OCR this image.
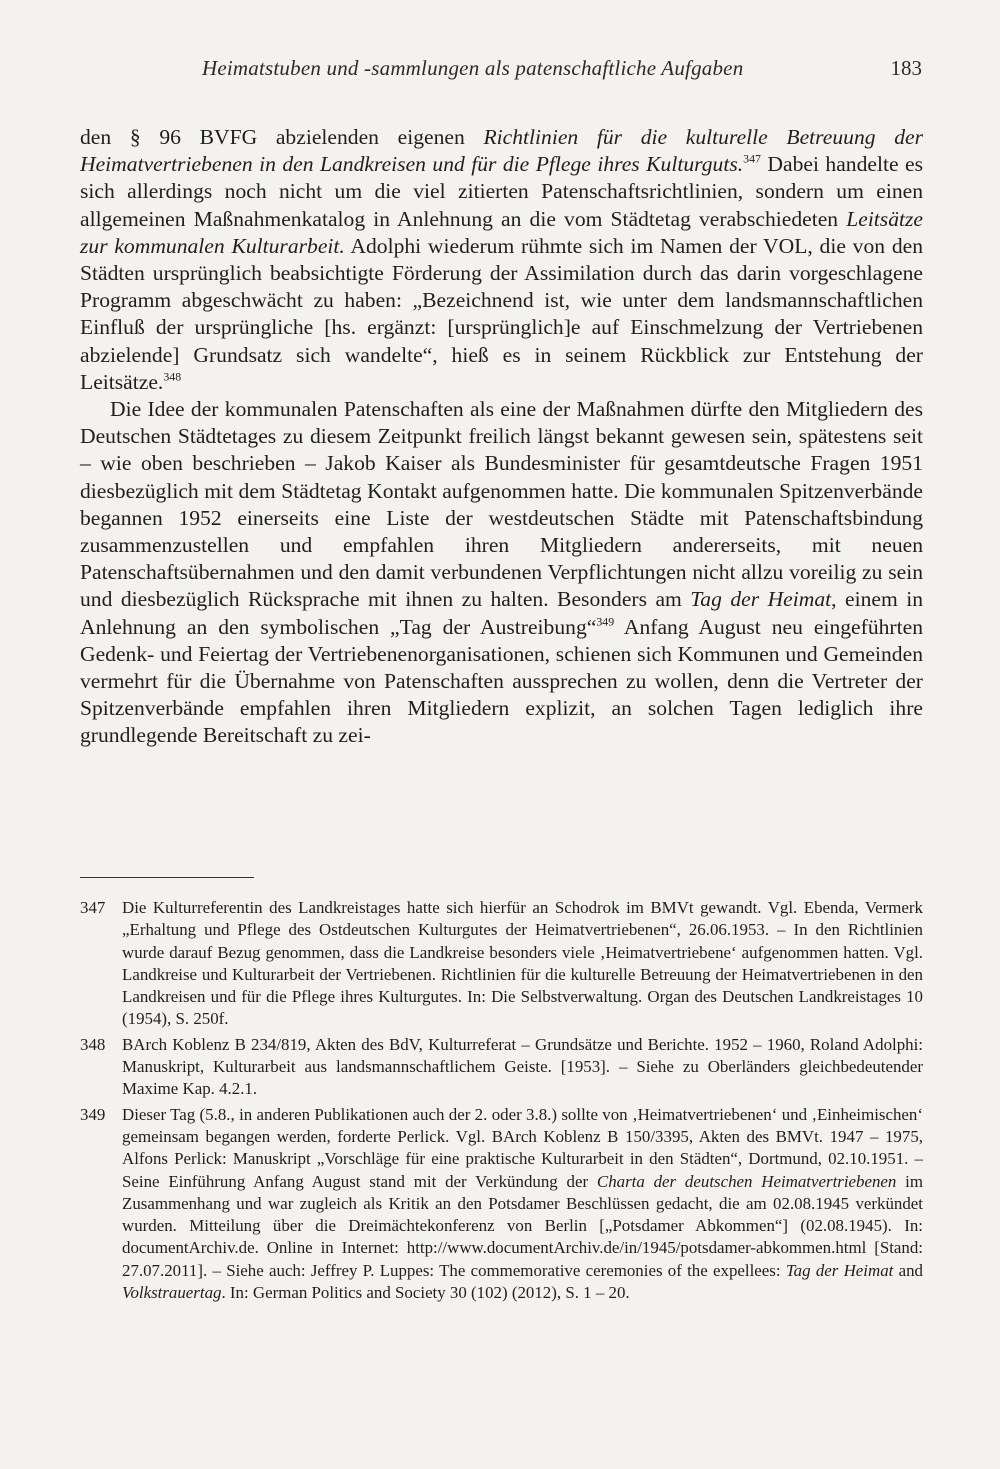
Heimatstuben und -sammlungen als patenschaftliche Aufgaben	183

den § 96 BVFG abzielenden eigenen Richtlinien für die kulturelle Betreuung der Heimatvertriebenen in den Landkreisen und für die Pflege ihres Kulturguts.$^{347}$ Dabei handelte es sich allerdings noch nicht um die viel zitierten Patenschaftsrichtlinien, sondern um einen allgemeinen Maßnahmenkatalog in Anlehnung an die vom Städtetag verabschiedeten Leitsätze zur kommunalen Kulturarbeit. Adolphi wiederum rühmte sich im Namen der VOL, die von den Städten ursprünglich beabsichtigte Förderung der Assimilation durch das darin vorgeschlagene Programm abgeschwächt zu haben: „Bezeichnend ist, wie unter dem landsmannschaftlichen Einfluß der ursprüngliche [hs. ergänzt: [ursprünglich]e auf Einschmelzung der Vertriebenen abzielende] Grundsatz sich wandelte“, hieß es in seinem Rückblick zur Entstehung der Leitsätze.$^{348}$

Die Idee der kommunalen Patenschaften als eine der Maßnahmen dürfte den Mitgliedern des Deutschen Städtetages zu diesem Zeitpunkt freilich längst bekannt gewesen sein, spätestens seit – wie oben beschrieben – Jakob Kaiser als Bundesminister für gesamtdeutsche Fragen 1951 diesbezüglich mit dem Städtetag Kontakt aufgenommen hatte. Die kommunalen Spitzenverbände begannen 1952 einerseits eine Liste der westdeutschen Städte mit Patenschaftsbindung zusammenzustellen und empfahlen ihren Mitgliedern andererseits, mit neuen Patenschaftsübernahmen und den damit verbundenen Verpflichtungen nicht allzu voreilig zu sein und diesbezüglich Rücksprache mit ihnen zu halten. Besonders am Tag der Heimat, einem in Anlehnung an den symbolischen „Tag der Austreibung“$^{349}$ Anfang August neu eingeführten Gedenk- und Feiertag der Vertriebenenorganisationen, schienen sich Kommunen und Gemeinden vermehrt für die Übernahme von Patenschaften aussprechen zu wollen, denn die Vertreter der Spitzenverbände empfahlen ihren Mitgliedern explizit, an solchen Tagen lediglich ihre grundlegende Bereitschaft zu zei-

347 Die Kulturreferentin des Landkreistages hatte sich hierfür an Schodrok im BMVt gewandt. Vgl. Ebenda, Vermerk „Erhaltung und Pflege des Ostdeutschen Kulturgutes der Heimatvertriebenen“, 26.06.1953. – In den Richtlinien wurde darauf Bezug genommen, dass die Landkreise besonders viele ‚Heimatvertriebene‘ aufgenommen hatten. Vgl. Landkreise und Kulturarbeit der Vertriebenen. Richtlinien für die kulturelle Betreuung der Heimatvertriebenen in den Landkreisen und für die Pflege ihres Kulturgutes. In: Die Selbstverwaltung. Organ des Deutschen Landkreistages 10 (1954), S. 250f.
348 BArch Koblenz B 234/819, Akten des BdV, Kulturreferat – Grundsätze und Berichte. 1952 – 1960, Roland Adolphi: Manuskript, Kulturarbeit aus landsmannschaftlichem Geiste. [1953]. – Siehe zu Oberländers gleichbedeutender Maxime Kap. 4.2.1.
349 Dieser Tag (5.8., in anderen Publikationen auch der 2. oder 3.8.) sollte von ‚Heimatvertriebenen‘ und ‚Einheimischen‘ gemeinsam begangen werden, forderte Perlick. Vgl. BArch Koblenz B 150/3395, Akten des BMVt. 1947 – 1975, Alfons Perlick: Manuskript „Vorschläge für eine praktische Kulturarbeit in den Städten“, Dortmund, 02.10.1951. – Seine Einführung Anfang August stand mit der Verkündung der Charta der deutschen Heimatvertriebenen im Zusammenhang und war zugleich als Kritik an den Potsdamer Beschlüssen gedacht, die am 02.08.1945 verkündet wurden. Mitteilung über die Dreimächtekonferenz von Berlin [„Potsdamer Abkommen“] (02.08.1945). In: documentArchiv.de. Online in Internet: http://www.documentArchiv.de/in/1945/potsdamer-abkommen.html [Stand: 27.07.2011]. – Siehe auch: Jeffrey P. Luppes: The commemorative ceremonies of the expellees: Tag der Heimat and Volkstrauertag. In: German Politics and Society 30 (102) (2012), S. 1 – 20.
